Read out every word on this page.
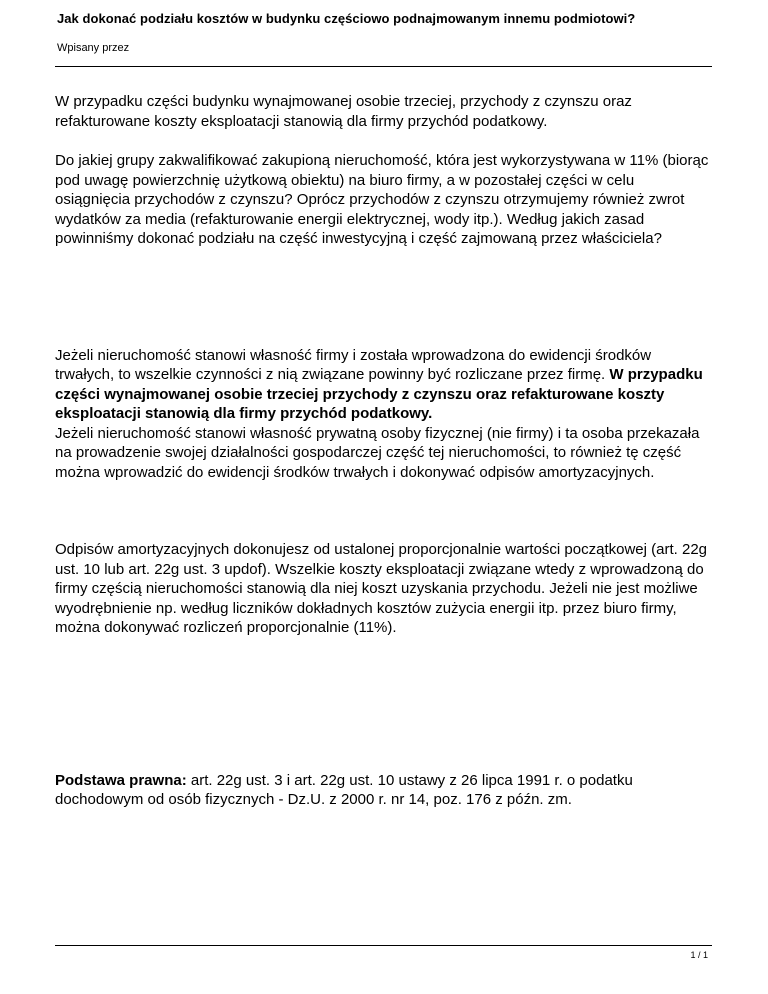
Jak dokonać podziału kosztów w budynku częściowo podnajmowanym innemu podmiotowi?
Wpisany przez

W przypadku części budynku wynajmowanej osobie trzeciej, przychody z czynszu oraz refakturowane koszty eksploatacji stanowią dla firmy przychód podatkowy.

Do jakiej grupy zakwalifikować zakupioną nieruchomość, która jest wykorzystywana w 11% (biorąc pod uwagę powierzchnię użytkową obiektu) na biuro firmy, a w pozostałej części w celu osiągnięcia przychodów z czynszu? Oprócz przychodów z czynszu otrzymujemy również zwrot wydatków za media (refakturowanie energii elektrycznej, wody itp.). Według jakich zasad powinniśmy dokonać podziału na część inwestycyjną i część zajmowaną przez właściciela?

Jeżeli nieruchomość stanowi własność firmy i została wprowadzona do ewidencji środków trwałych, to wszelkie czynności z nią związane powinny być rozliczane przez firmę. W przypadku części wynajmowanej osobie trzeciej przychody z czynszu oraz refakturowane koszty eksploatacji stanowią dla firmy przychód podatkowy.

Jeżeli nieruchomość stanowi własność prywatną osoby fizycznej (nie firmy) i ta osoba przekazała na prowadzenie swojej działalności gospodarczej część tej nieruchomości, to również tę część można wprowadzić do ewidencji środków trwałych i dokonywać odpisów amortyzacyjnych.

Odpisów amortyzacyjnych dokonujesz od ustalonej proporcjonalnie wartości początkowej (art. 22g ust. 10 lub art. 22g ust. 3 updof). Wszelkie koszty eksploatacji związane wtedy z wprowadzoną do firmy częścią nieruchomości stanowią dla niej koszt uzyskania przychodu. Jeżeli nie jest możliwe wyodrębnienie np. według liczników dokładnych kosztów zużycia energii itp. przez biuro firmy, można dokonywać rozliczeń proporcjonalnie (11%).

Podstawa prawna: art. 22g ust. 3 i art. 22g ust. 10 ustawy z 26 lipca 1991 r. o podatku dochodowym od osób fizycznych - Dz.U. z 2000 r. nr 14, poz. 176 z późn. zm.

1 / 1
